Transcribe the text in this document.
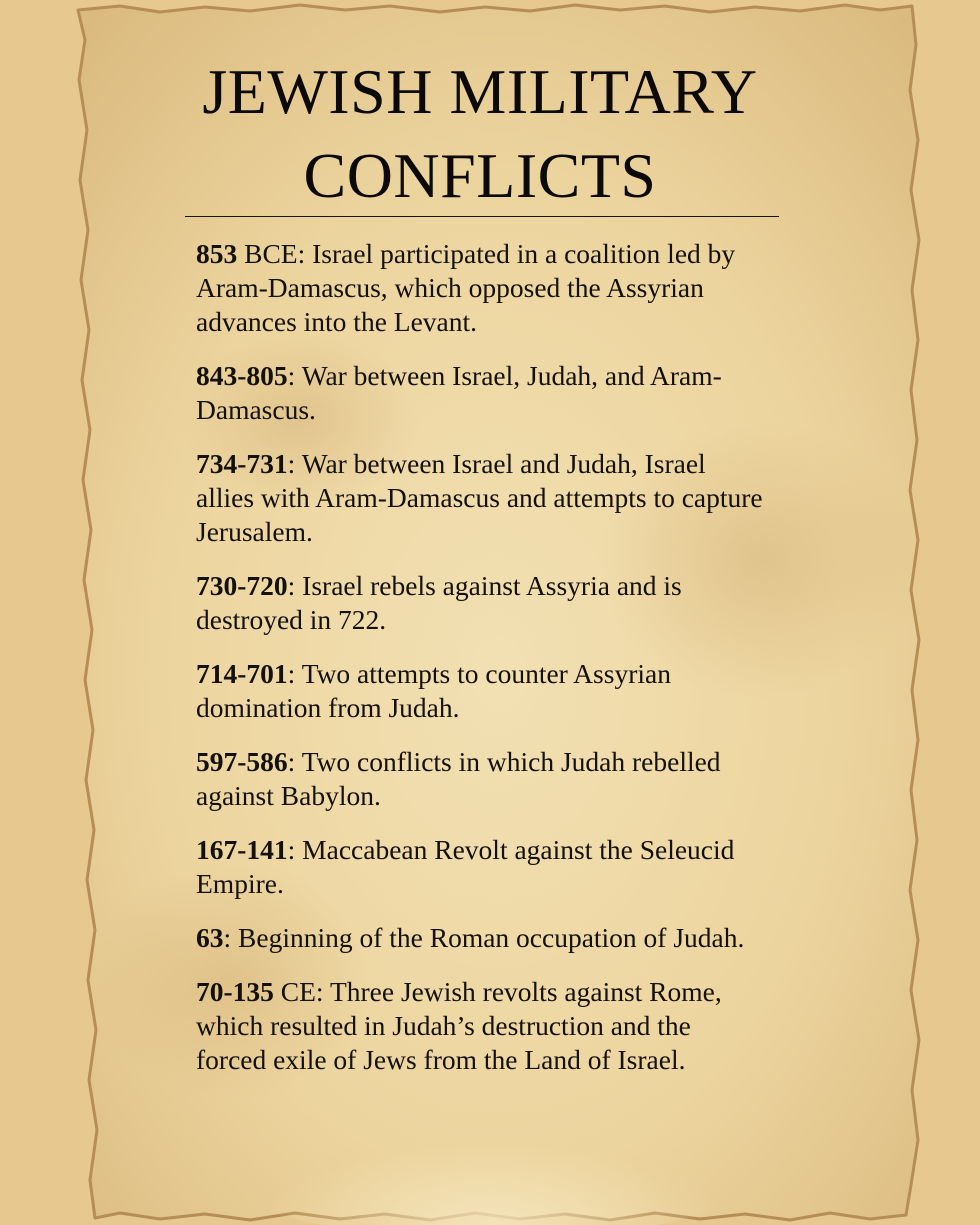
JEWISH MILITARY
CONFLICTS
853 BCE: Israel participated in a coalition led by Aram-Damascus, which opposed the Assyrian advances into the Levant.
843-805: War between Israel, Judah, and Aram-Damascus.
734-731: War between Israel and Judah, Israel allies with Aram-Damascus and attempts to capture Jerusalem.
730-720: Israel rebels against Assyria and is destroyed in 722.
714-701: Two attempts to counter Assyrian domination from Judah.
597-586: Two conflicts in which Judah rebelled against Babylon.
167-141: Maccabean Revolt against the Seleucid Empire.
63: Beginning of the Roman occupation of Judah.
70-135 CE: Three Jewish revolts against Rome, which resulted in Judah’s destruction and the forced exile of Jews from the Land of Israel.
